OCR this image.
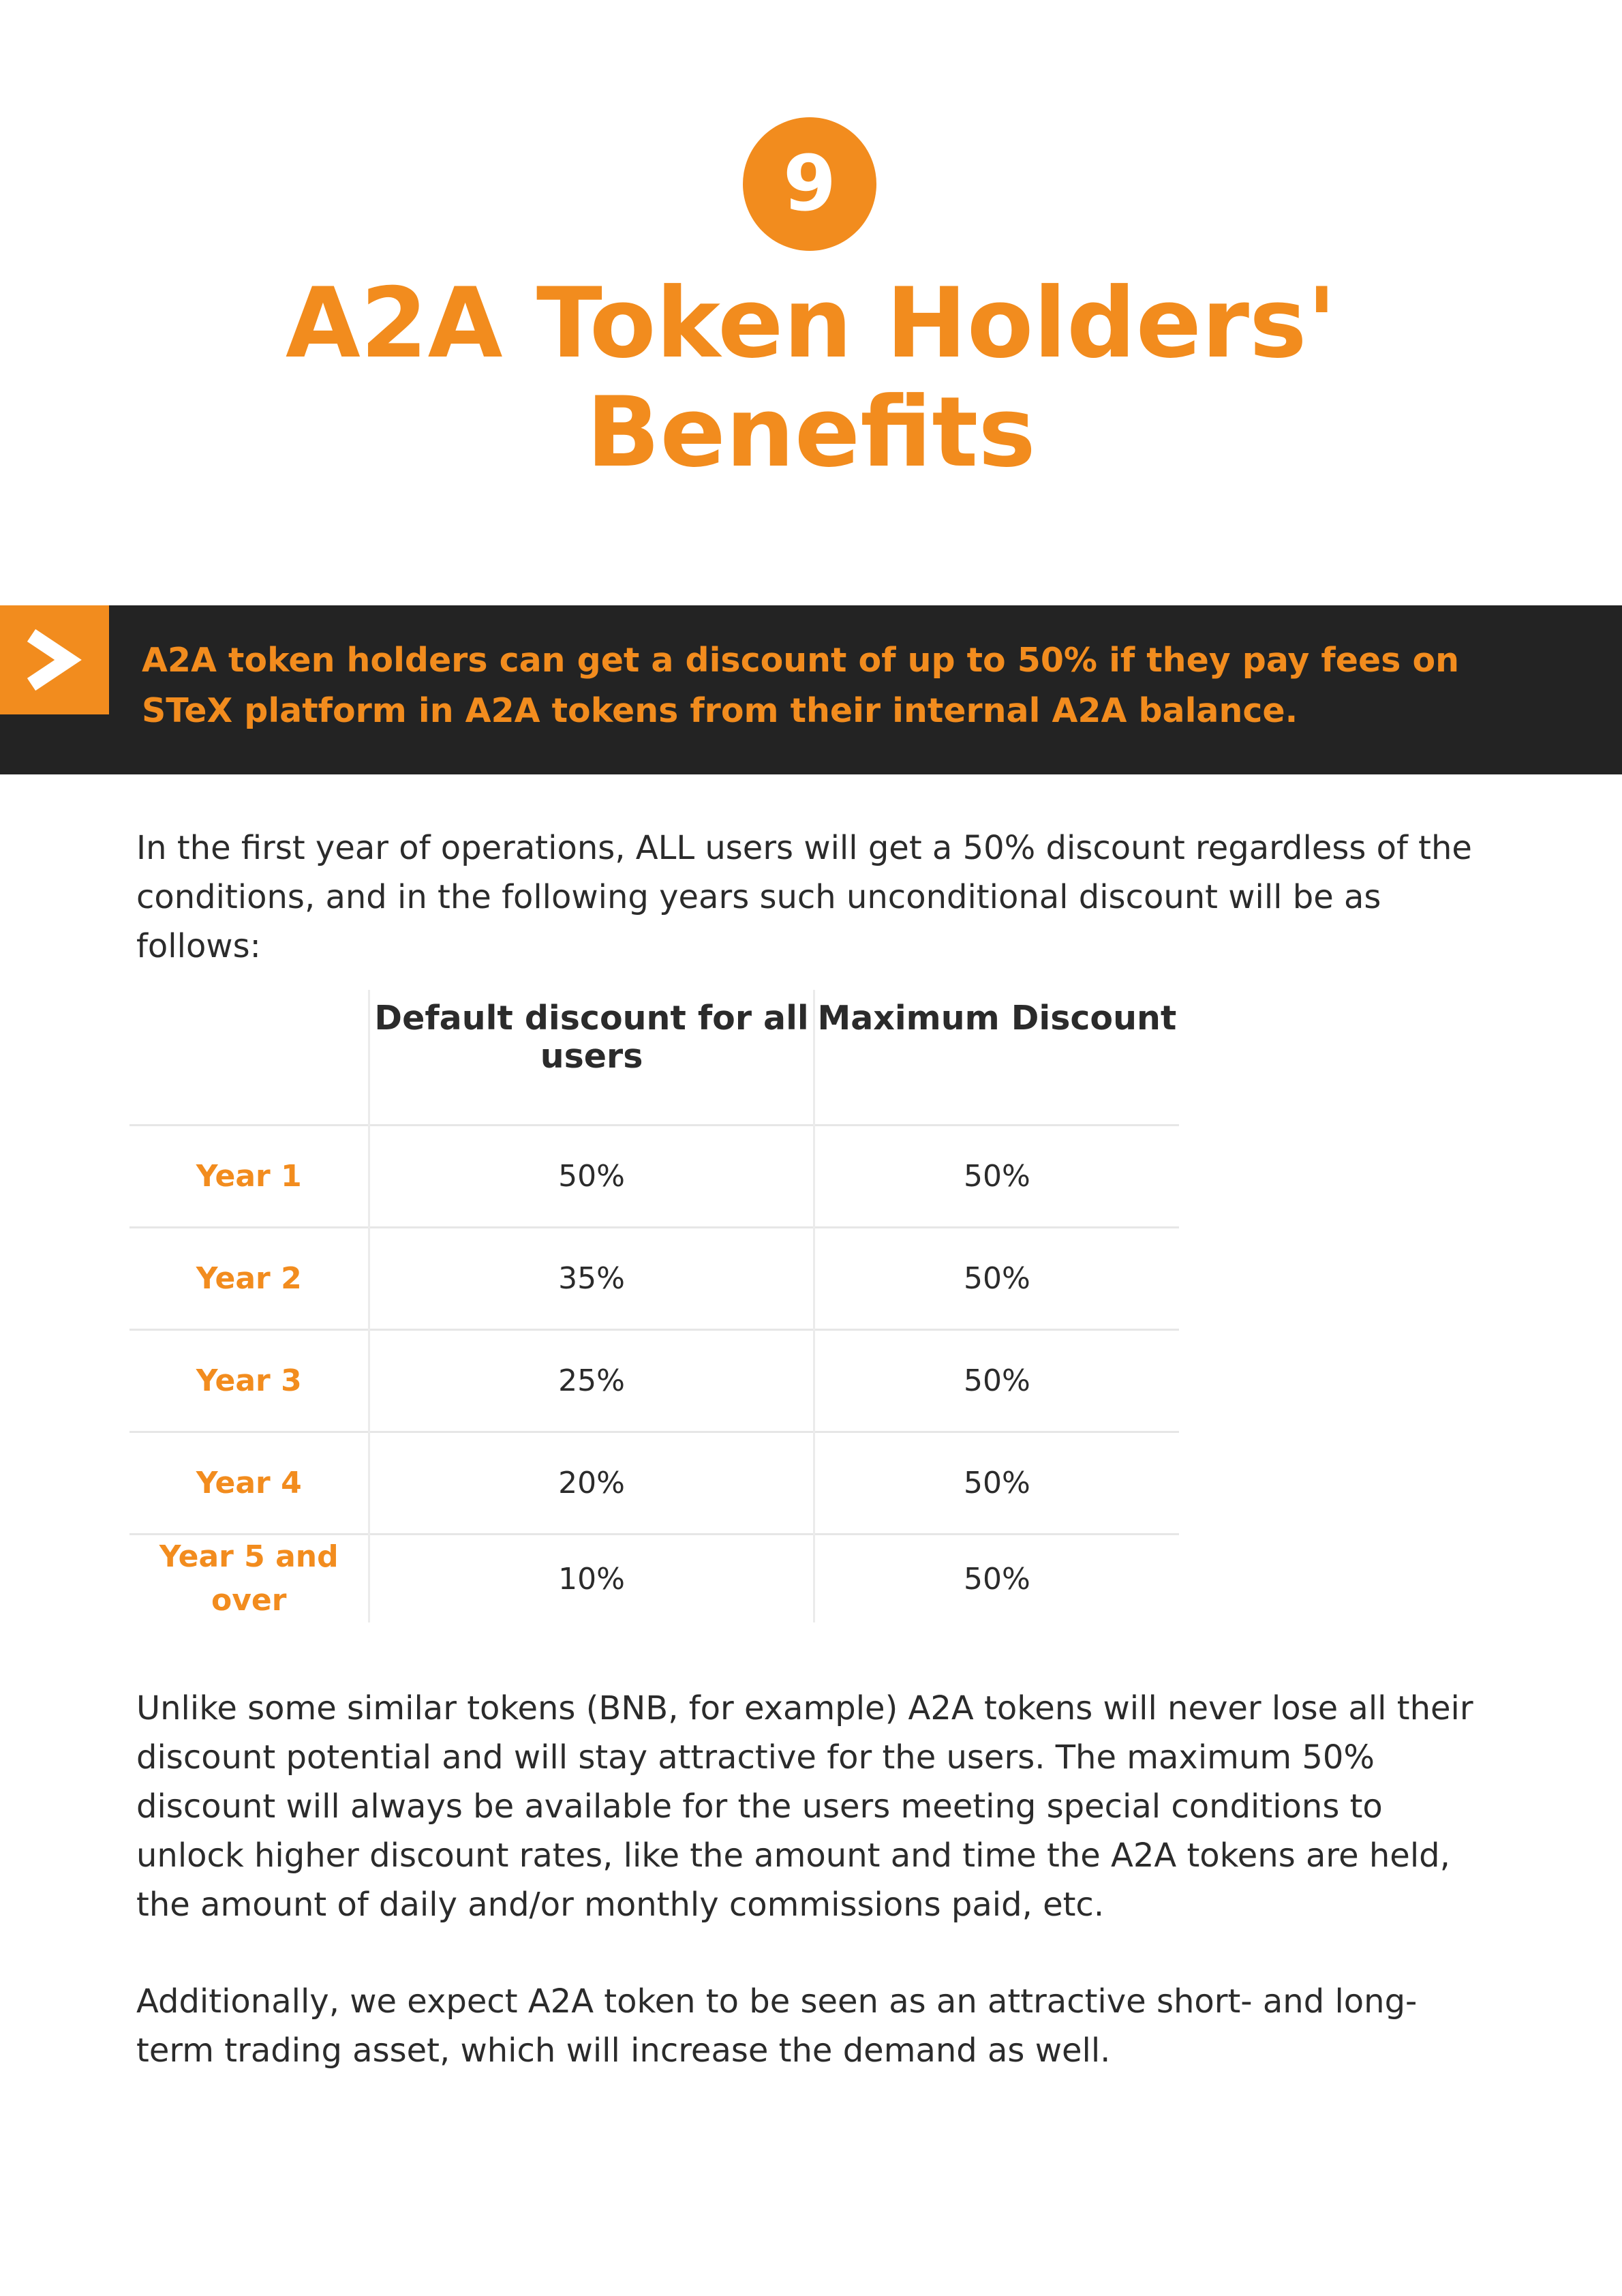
9
A2A Token Holders'
Benefits

A2A token holders can get a discount of up to 50% if they pay fees on STeX platform in A2A tokens from their internal A2A balance.

In the first year of operations, ALL users will get a 50% discount regardless of the conditions, and in the following years such unconditional discount will be as follows:

	Default discount for all users	Maximum Discount
Year 1	50%	50%
Year 2	35%	50%
Year 3	25%	50%
Year 4	20%	50%
Year 5 and over	10%	50%

Unlike some similar tokens (BNB, for example) A2A tokens will never lose all their discount potential and will stay attractive for the users. The maximum 50% discount will always be available for the users meeting special conditions to unlock higher discount rates, like the amount and time the A2A tokens are held, the amount of daily and/or monthly commissions paid, etc.

Additionally, we expect A2A token to be seen as an attractive short- and long-term trading asset, which will increase the demand as well.
